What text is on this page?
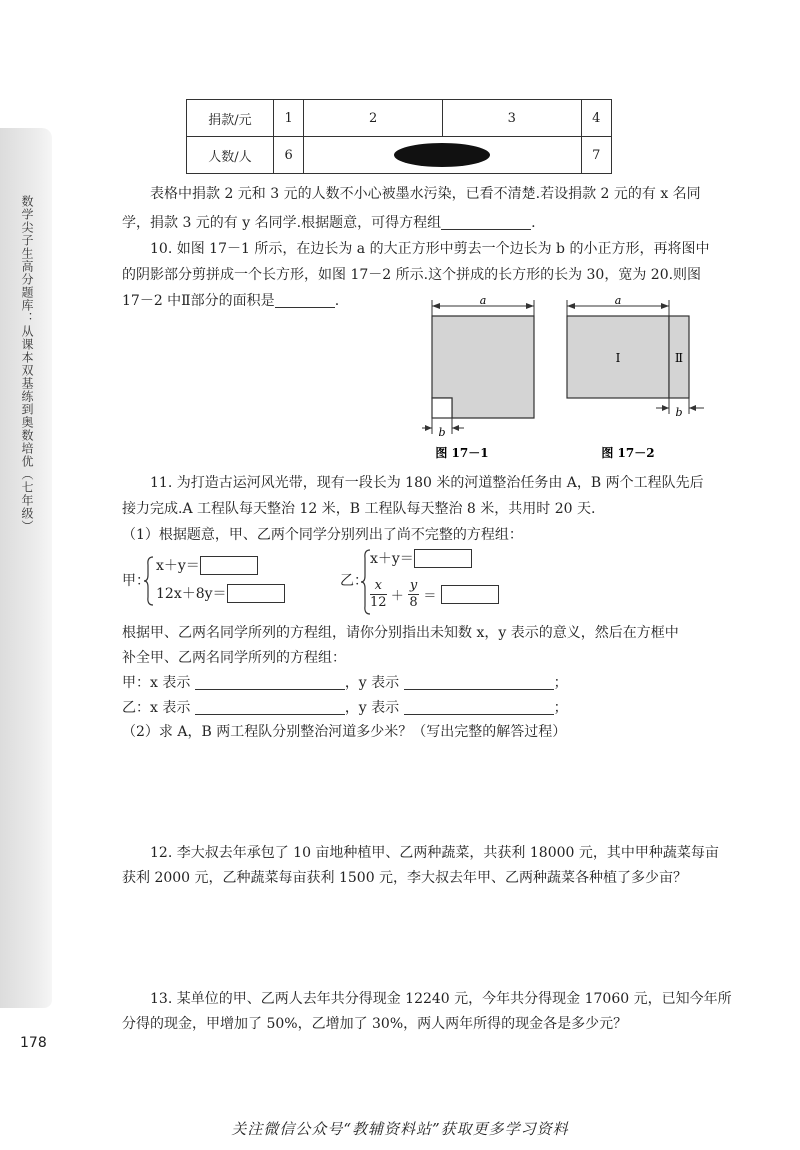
数学尖子生高分题库：从课本双基练到奥数培优（七年级）
178
捐款/元	1	2	3	4
人数/人	6			7
表格中捐款 2 元和 3 元的人数不小心被墨水污染，已看不清楚.若设捐款 2 元的有 x 名同
学，捐款 3 元的有 y 名同学.根据题意，可得方程组	.
10. 如图 17－1 所示，在边长为 a 的大正方形中剪去一个边长为 b 的小正方形，再将图中
的阴影部分剪拼成一个长方形，如图 17－2 所示.这个拼成的长方形的长为 30，宽为 20.则图
17－2 中Ⅱ部分的面积是	.	a
b
图 17－1
a
Ⅰ	Ⅱ
b
图 17－2
11. 为打造古运河风光带，现有一段长为 180 米的河道整治任务由 A，B 两个工程队先后
接力完成.A 工程队每天整治 12 米，B 工程队每天整治 8 米，共用时 20 天.
（1）根据题意，甲、乙两个同学分别列出了尚不完整的方程组：
甲：
x＋y＝
12x＋8y＝
乙：
x＋y＝
$\frac{x}{12} + \frac{y}{8}$ ＝
根据甲、乙两名同学所列的方程组，请你分别指出未知数 x，y 表示的意义，然后在方框中
补全甲、乙两名同学所列的方程组：
甲：x 表示	，y 表示	；
乙：x 表示	，y 表示	；
（2）求 A，B 两工程队分别整治河道多少米？（写出完整的解答过程）
12. 李大叔去年承包了 10 亩地种植甲、乙两种蔬菜，共获利 18000 元，其中甲种蔬菜每亩
获利 2000 元，乙种蔬菜每亩获利 1500 元，李大叔去年甲、乙两种蔬菜各种植了多少亩？
13. 某单位的甲、乙两人去年共分得现金 12240 元，今年共分得现金 17060 元，已知今年所
分得的现金，甲增加了 50%，乙增加了 30%，两人两年所得的现金各是多少元？
关注微信公众号“教辅资料站”获取更多学习资料
